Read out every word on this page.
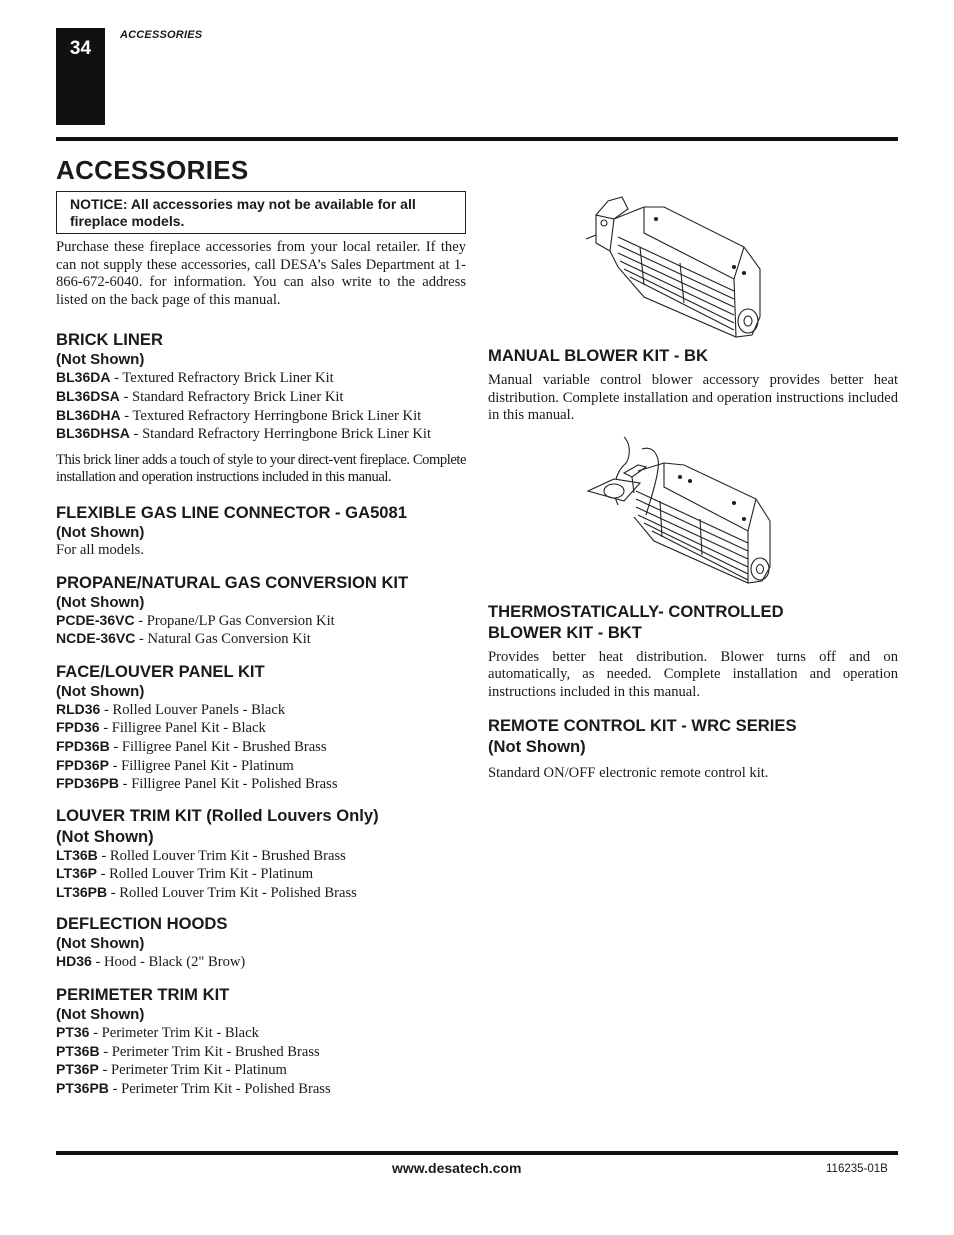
34
ACCESSORIES
ACCESSORIES
NOTICE: All accessories may not be available for all fireplace models.

Purchase these fireplace accessories from your local retailer. If they can not supply these accessories, call DESA’s Sales Department at 1-866-672-6040. for information. You can also write to the address listed on the back page of this manual.

BRICK LINER
(Not Shown)
BL36DA - Textured Refractory Brick Liner Kit
BL36DSA - Standard Refractory Brick Liner Kit
BL36DHA - Textured Refractory Herringbone Brick Liner Kit
BL36DHSA - Standard Refractory Herringbone Brick Liner Kit

This brick liner adds a touch of style to your direct-vent fireplace. Complete installation and operation instructions included in this manual.

FLEXIBLE GAS LINE CONNECTOR - GA5081
(Not Shown)
For all models.
PROPANE/NATURAL GAS CONVERSION KIT
(Not Shown)
PCDE-36VC - Propane/LP Gas Conversion Kit
NCDE-36VC - Natural Gas Conversion Kit
FACE/LOUVER PANEL KIT
(Not Shown)
RLD36 - Rolled Louver Panels - Black
FPD36 - Filligree Panel Kit - Black
FPD36B - Filligree Panel Kit - Brushed Brass
FPD36P - Filligree Panel Kit - Platinum
FPD36PB - Filligree Panel Kit - Polished Brass
LOUVER TRIM KIT (Rolled Louvers Only)
(Not Shown)
LT36B - Rolled Louver Trim Kit - Brushed Brass
LT36P - Rolled Louver Trim Kit - Platinum
LT36PB - Rolled Louver Trim Kit - Polished Brass
DEFLECTION HOODS
(Not Shown)
HD36 - Hood - Black (2" Brow)
PERIMETER TRIM KIT
(Not Shown)
PT36 - Perimeter Trim Kit - Black
PT36B - Perimeter Trim Kit - Brushed Brass
PT36P - Perimeter Trim Kit - Platinum
PT36PB - Perimeter Trim Kit - Polished Brass
MANUAL BLOWER KIT - BK

Manual variable control blower accessory provides better heat distribution. Complete installation and operation instructions included in this manual.

THERMOSTATICALLY- CONTROLLED
BLOWER KIT - BKT

Provides better heat distribution. Blower turns off and on automatically, as needed. Complete installation and operation instructions included in this manual.

REMOTE CONTROL KIT - WRC SERIES
(Not Shown)

Standard ON/OFF electronic remote control kit.

www.desatech.com	116235-01B
